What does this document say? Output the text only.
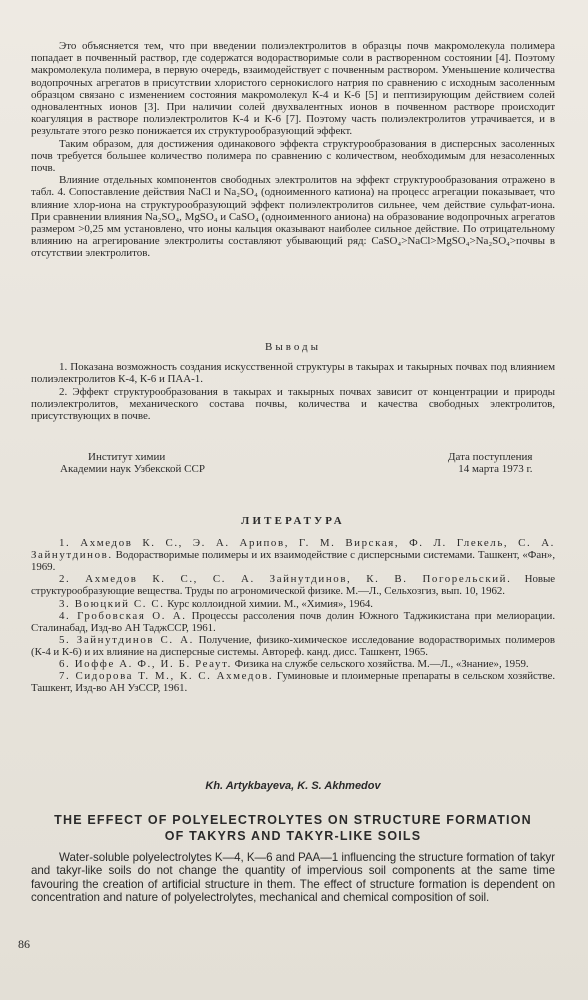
Это объясняется тем, что при введении полиэлектролитов в образцы почв макромолекула полимера попадает в почвенный раствор, где содержатся водорастворимые соли в растворенном состоянии [4]. Поэтому макромолекула полимера, в первую очередь, взаимодействует с почвенным раствором. Уменьшение количества водопрочных агрегатов в присутствии хлористого сернокислого натрия по сравнению с исходным засоленным образцом связано с изменением состояния макромолекул К-4 и К-6 [5] и пептизирующим действием солей одновалентных ионов [3]. При наличии солей двухвалентных ионов в почвенном растворе происходит коагуляция в растворе полиэлектролитов К-4 и К-6 [7]. Поэтому часть полиэлектролитов утрачивается, и в результате этого резко понижается их структурообразующий эффект.

Таким образом, для достижения одинакового эффекта структурообразования в дисперсных засоленных почв требуется большее количество полимера по сравнению с количеством, необходимым для незасоленных почв.

Влияние отдельных компонентов свободных электролитов на эффект структурообразования отражено в табл. 4. Сопоставление действия NaCl и Na₂SO₄ (одноименного катиона) на процесс агрегации показывает, что влияние хлор-иона на структурообразующий эффект полиэлектролитов сильнее, чем действие сульфат-иона. При сравнении влияния Na₂SO₄, MgSO₄ и CaSO₄ (одноименного аниона) на образование водопрочных агрегатов размером >0,25 мм установлено, что ионы кальция оказывают наиболее сильное действие. По отрицательному влиянию на агрегирование электролиты составляют убывающий ряд: CaSO₄>NaCl>MgSO₄>Na₂SO₄>почвы в отсутствии электролитов.

Выводы

1. Показана возможность создания искусственной структуры в такырах и такырных почвах под влиянием полиэлектролитов К-4, К-6 и ПАА-1.

2. Эффект структурообразования в такырах и такырных почвах зависит от концентрации и природы полиэлектролитов, механического состава почвы, количества и качества свободных электролитов, присутствующих в почве.

Институт химии
Академии наук Узбекской ССР
Дата поступления
14 марта 1973 г.

ЛИТЕРАТУРА

1. Ахмедов К. С., Э. А. Арипов, Г. М. Вирская, Ф. Л. Глекель, С. А. Зайнутдинов. Водорастворимые полимеры и их взаимодействие с дисперсными системами. Ташкент, «Фан», 1969.

2. Ахмедов К. С., С. А. Зайнутдинов, К. В. Погорельский. Новые структурообразующие вещества. Труды по агрономической физике. М.—Л., Сельхозгиз, вып. 10, 1962.

3. Воюцкий С. С. Курс коллоидной химии. М., «Химия», 1964.

4. Гробовская О. А. Процессы рассоления почв долин Южного Таджикистана при мелиорации. Сталинабад, Изд-во АН ТаджССР, 1961.

5. Зайнутдинов С. А. Получение, физико-химическое исследование водорастворимых полимеров (К-4 и К-6) и их влияние на дисперсные системы. Автореф. канд. дисс. Ташкент, 1965.

6. Иоффе А. Ф., И. Б. Реаут. Физика на службе сельского хозяйства. М.—Л., «Знание», 1959.

7. Сидорова Т. М., К. С. Ахмедов. Гуминовые и плоимерные препараты в сельском хозяйстве. Ташкент, Изд-во АН УзССР, 1961.

Kh. Artykbayeva, K. S. Akhmedov
THE EFFECT OF POLYELECTROLYTES ON STRUCTURE FORMATION
OF TAKYRS AND TAKYR-LIKE SOILS

Water-soluble polyelectrolytes K—4, K—6 and PAA—1 influencing the structure formation of takyr and takyr-like soils do not change the quantity of impervious soil components at the same time favouring the creation of artificial structure in them. The effect of structure formation is dependent on concentration and nature of polyelectrolytes, mechanical and chemical composition of soil.

86
